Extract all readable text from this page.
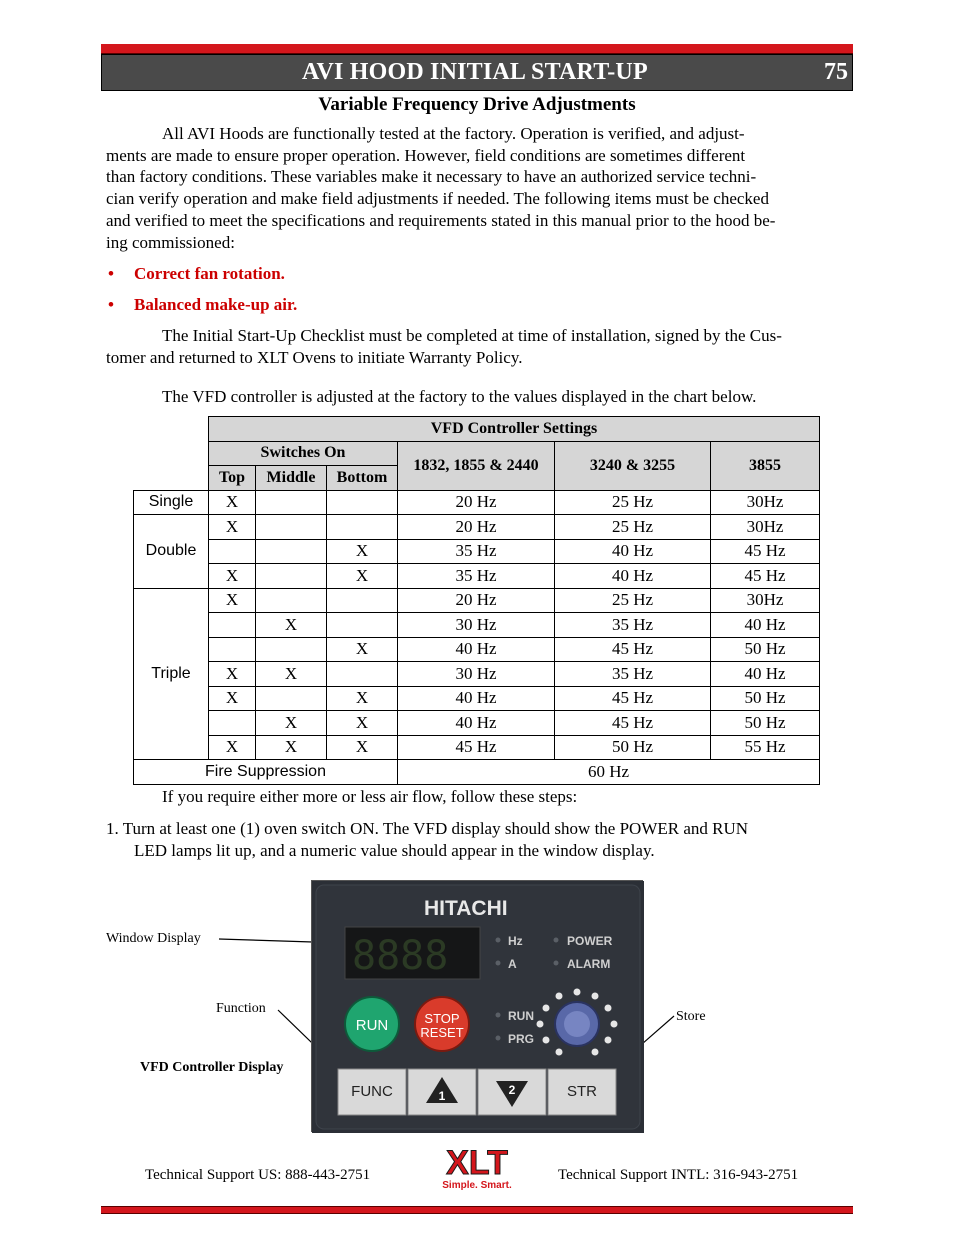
AVI HOOD INITIAL START-UP	75
Variable Frequency Drive Adjustments
All AVI Hoods are functionally tested at the factory. Operation is verified, and adjust-
ments are made to ensure proper operation. However, field conditions are sometimes different
than factory conditions. These variables make it necessary to have an authorized service techni-
cian verify operation and make field adjustments if needed. The following items must be checked
and verified to meet the specifications and requirements stated in this manual prior to the hood be-
ing commissioned:
• Correct fan rotation.
• Balanced make-up air.
The Initial Start-Up Checklist must be completed at time of installation, signed by the Cus-
tomer and returned to XLT Ovens to initiate Warranty Policy.
The VFD controller is adjusted at the factory to the values displayed in the chart below.
	VFD Controller Settings					
	Switches On			1832, 1855 & 2440	3240 & 3255	3855
	Top	Middle	Bottom			
Single	X			20 Hz	25 Hz	30Hz
Double	X			20 Hz	25 Hz	30Hz
			X	35 Hz	40 Hz	45 Hz
	X		X	35 Hz	40 Hz	45 Hz
Triple	X			20 Hz	25 Hz	30Hz
		X		30 Hz	35 Hz	40 Hz
			X	40 Hz	45 Hz	50 Hz
	X	X		30 Hz	35 Hz	40 Hz
	X		X	40 Hz	45 Hz	50 Hz
		X	X	40 Hz	45 Hz	50 Hz
	X	X	X	45 Hz	50 Hz	55 Hz
Fire Suppression				60 Hz		
If you require either more or less air flow, follow these steps:
1. Turn at least one (1) oven switch ON. The VFD display should show the POWER and RUN
LED lamps lit up, and a numeric value should appear in the window display.
Window Display
Function
Store
VFD Controller Display
HITACHI
8888	Hz
A
POWER
ALARM
RUN	STOP
RESET
RUN
PRG
FUNC	1	2	STR
Technical Support US: 888-443-2751	Technical Support INTL: 316-943-2751
XLT
Simple. Smart.
